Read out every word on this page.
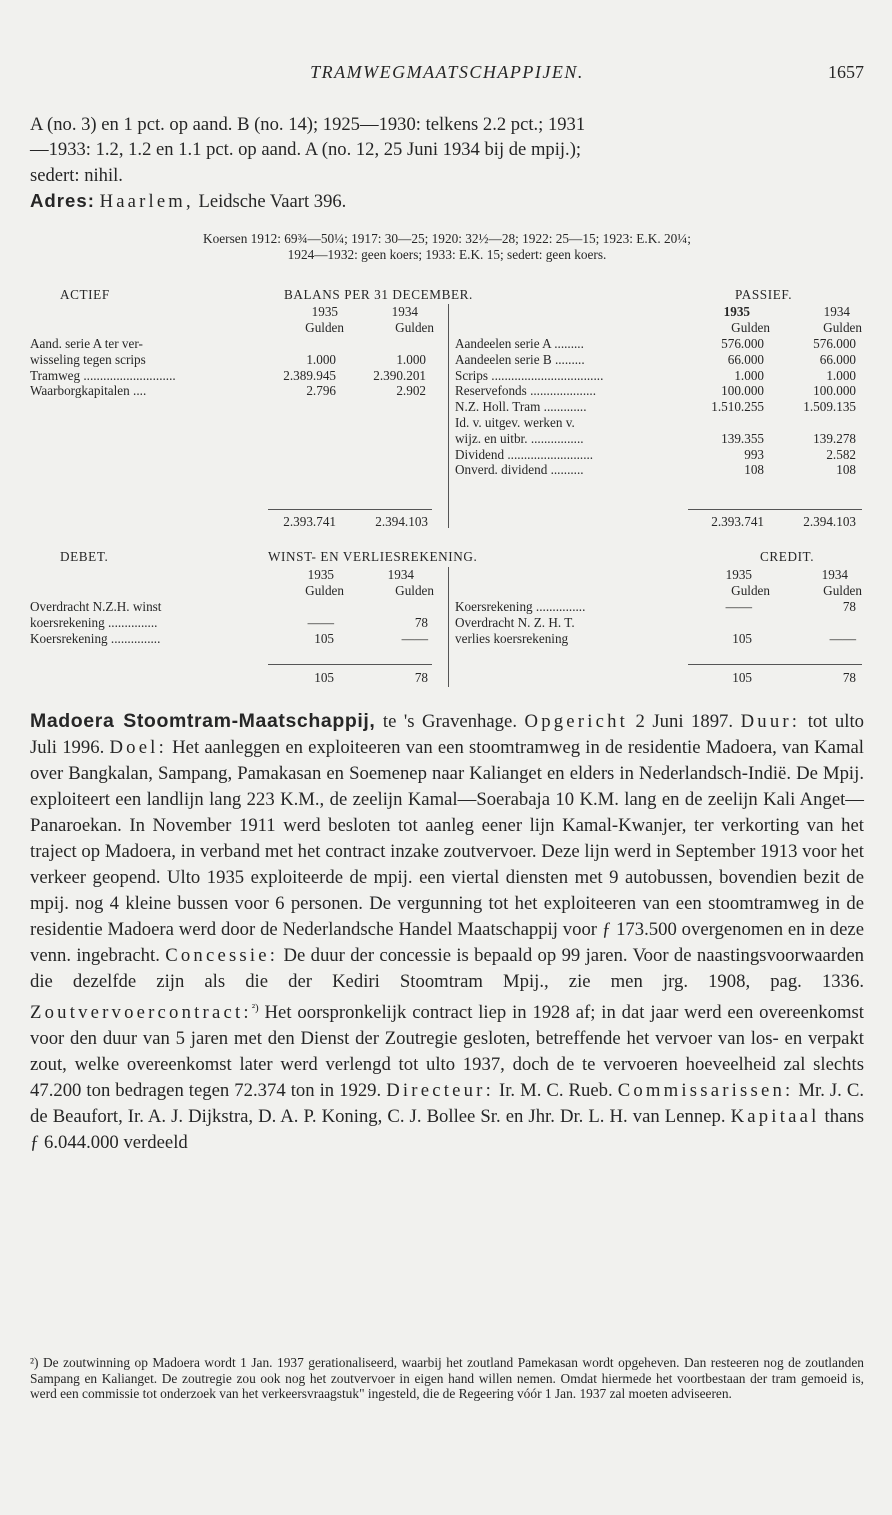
TRAMWEGMAATSCHAPPIJEN.	1657
A (no. 3) en 1 pct. op aand. B (no. 14); 1925—1930: telkens 2.2 pct.; 1931
—1933: 1.2, 1.2 en 1.1 pct. op aand. A (no. 12, 25 Juni 1934 bij de mpij.);
sedert: nihil.
Adres: Haarlem, Leidsche Vaart 396.
Koersen 1912: 69¾—50¼; 1917: 30—25; 1920: 32½—28; 1922: 25—15; 1923: E.K. 20¼;
1924—1932: geen koers; 1933: E.K. 15; sedert: geen koers.
ACTIEF	BALANS PER 31 DECEMBER.	PASSIEF.
1935	1934
Gulden	Gulden
1935	1934
Gulden	Gulden
Aand. serie A ter ver-
wisseling tegen scrips	1.000	1.000
Tramweg ............................	2.389.945	2.390.201
Waarborgkapitalen ....	2.796	2.902
Aandeelen serie A .........	576.000	576.000
Aandeelen serie B .........	66.000	66.000
Scrips ..................................	1.000	1.000
Reservefonds ....................	100.000	100.000
N.Z. Holl. Tram .............	1.510.255	1.509.135
Id. v. uitgev. werken v.
wijz. en uitbr. ................	139.355	139.278
Dividend ..........................	993	2.582
Onverd. dividend ..........	108	108
2.393.741	2.394.103	2.393.741	2.394.103
DEBET.	WINST- EN VERLIESREKENING.	CREDIT.
1935	1934
Gulden	Gulden
1935	1934
Gulden	Gulden
Overdracht N.Z.H. winst
koersrekening ...............	——	78
Koersrekening ...............	105	——
Koersrekening ...............	——	78
Overdracht N. Z. H. T.
verlies koersrekening	105	——
105	78	105	78
Madoera Stoomtram-Maatschappij, te 's Gravenhage. Opgericht 2 Juni 1897. Duur: tot ulto Juli 1996. Doel: Het aanleggen en exploiteeren van een stoomtramweg in de residentie Madoera, van Kamal over Bangkalan, Sampang, Pamakasan en Soemenep naar Kalianget en elders in Nederlandsch-Indië. De Mpij. exploiteert een landlijn lang 223 K.M., de zeelijn Kamal—Soerabaja 10 K.M. lang en de zeelijn Kali Anget—Panaroekan. In November 1911 werd besloten tot aanleg eener lijn Kamal-Kwanjer, ter verkorting van het traject op Madoera, in verband met het contract inzake zoutvervoer. Deze lijn werd in September 1913 voor het verkeer geopend. Ulto 1935 exploiteerde de mpij. een viertal diensten met 9 autobussen, bovendien bezit de mpij. nog 4 kleine bussen voor 6 personen. De vergunning tot het exploiteeren van een stoomtramweg in de residentie Madoera werd door de Nederlandsche Handel Maatschappij voor ƒ 173.500 overgenomen en in deze venn. ingebracht. Concessie: De duur der concessie is bepaald op 99 jaren. Voor de naastingsvoorwaarden die dezelfde zijn als die der Kediri Stoomtram Mpij., zie men jrg. 1908, pag. 1336. Zoutvervoercontract:$^{^2)}$ Het oorspronkelijk contract liep in 1928 af; in dat jaar werd een overeenkomst voor den duur van 5 jaren met den Dienst der Zoutregie gesloten, betreffende het vervoer van los- en verpakt zout, welke overeenkomst later werd verlengd tot ulto 1937, doch de te vervoeren hoeveelheid zal slechts 47.200 ton bedragen tegen 72.374 ton in 1929. Directeur: Ir. M. C. Rueb. Commissarissen: Mr. J. C. de Beaufort, Ir. A. J. Dijkstra, D. A. P. Koning, C. J. Bollee Sr. en Jhr. Dr. L. H. van Lennep. Kapitaal thans ƒ 6.044.000 verdeeld
²) De zoutwinning op Madoera wordt 1 Jan. 1937 gerationaliseerd, waarbij het zoutland Pamekasan wordt opgeheven. Dan resteeren nog de zoutlanden Sampang en Kalianget. De zoutregie zou ook nog het zoutvervoer in eigen hand willen nemen. Omdat hiermede het voortbestaan der tram gemoeid is, werd een commissie tot onderzoek van het verkeersvraagstuk" ingesteld, die de Regeering vóór 1 Jan. 1937 zal moeten adviseeren.
